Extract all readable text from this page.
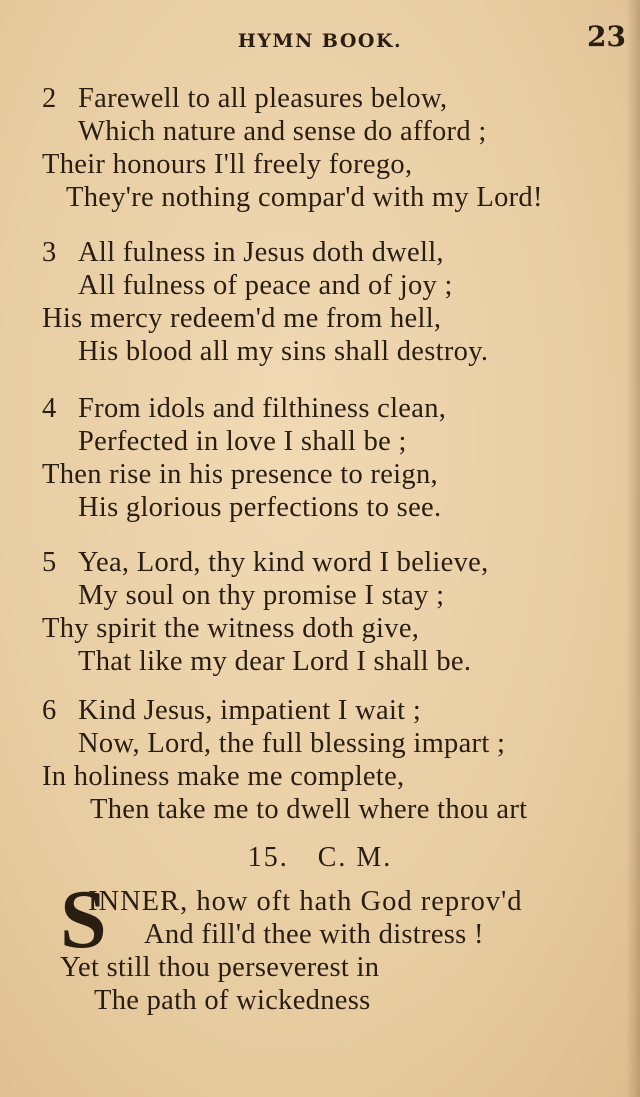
HYMN BOOK.	23
2 Farewell to all pleasures below,
Which nature and sense do afford ;
Their honours I'll freely forego,
They're nothing compar'd with my Lord!
3 All fulness in Jesus doth dwell,
All fulness of peace and of joy ;
His mercy redeem'd me from hell,
His blood all my sins shall destroy.
4 From idols and filthiness clean,
Perfected in love I shall be ;
Then rise in his presence to reign,
His glorious perfections to see.
5 Yea, Lord, thy kind word I believe,
My soul on thy promise I stay ;
Thy spirit the witness doth give,
That like my dear Lord I shall be.
6 Kind Jesus, impatient I wait ;
Now, Lord, the full blessing impart ;
In holiness make me complete,
Then take me to dwell where thou art
15. C. M.
S
INNER, how oft hath God reprov'd
And fill'd thee with distress !
Yet still thou perseverest in
The path of wickedness
